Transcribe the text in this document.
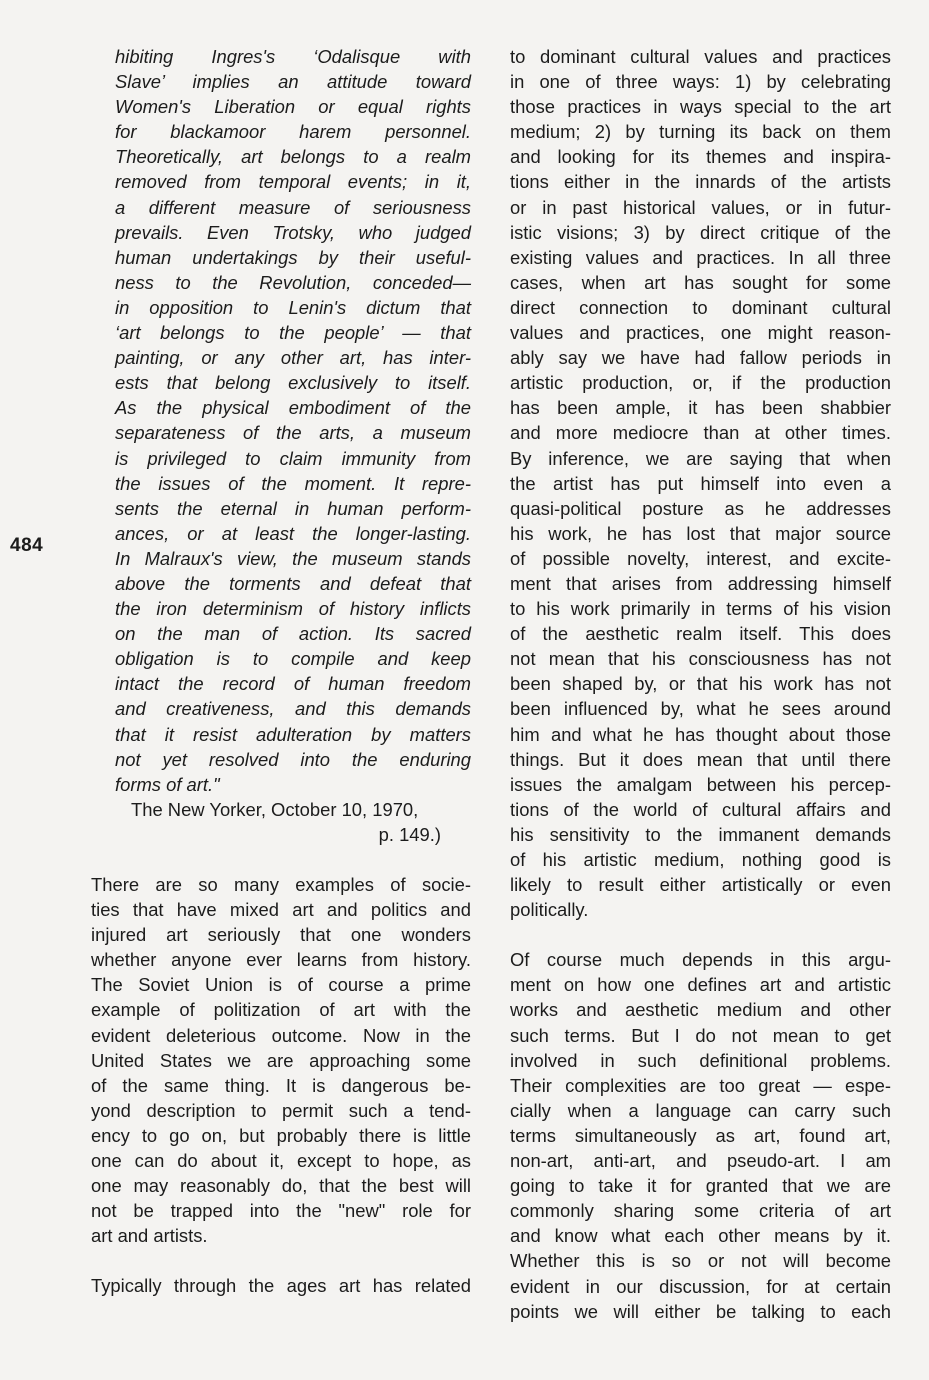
484
hibiting Ingres's ‘Odalisque with
Slave’ implies an attitude toward
Women's Liberation or equal rights
for blackamoor harem personnel.
Theoretically, art belongs to a realm
removed from temporal events; in it,
a different measure of seriousness
prevails. Even Trotsky, who judged
human undertakings by their useful-
ness to the Revolution, conceded—
in opposition to Lenin's dictum that
‘art belongs to the people’ — that
painting, or any other art, has inter-
ests that belong exclusively to itself.
As the physical embodiment of the
separateness of the arts, a museum
is privileged to claim immunity from
the issues of the moment. It repre-
sents the eternal in human perform-
ances, or at least the longer-lasting.
In Malraux's view, the museum stands
above the torments and defeat that
the iron determinism of history inflicts
on the man of action. Its sacred
obligation is to compile and keep
intact the record of human freedom
and creativeness, and this demands
that it resist adulteration by matters
not yet resolved into the enduring
forms of art."
The New Yorker, October 10, 1970,
p. 149.)
There are so many examples of socie-
ties that have mixed art and politics and
injured art seriously that one wonders
whether anyone ever learns from history.
The Soviet Union is of course a prime
example of politization of art with the
evident deleterious outcome. Now in the
United States we are approaching some
of the same thing. It is dangerous be-
yond description to permit such a tend-
ency to go on, but probably there is little
one can do about it, except to hope, as
one may reasonably do, that the best will
not be trapped into the "new" role for
art and artists.
Typically through the ages art has related
to dominant cultural values and practices
in one of three ways: 1) by celebrating
those practices in ways special to the art
medium; 2) by turning its back on them
and looking for its themes and inspira-
tions either in the innards of the artists
or in past historical values, or in futur-
istic visions; 3) by direct critique of the
existing values and practices. In all three
cases, when art has sought for some
direct connection to dominant cultural
values and practices, one might reason-
ably say we have had fallow periods in
artistic production, or, if the production
has been ample, it has been shabbier
and more mediocre than at other times.
By inference, we are saying that when
the artist has put himself into even a
quasi-political posture as he addresses
his work, he has lost that major source
of possible novelty, interest, and excite-
ment that arises from addressing himself
to his work primarily in terms of his vision
of the aesthetic realm itself. This does
not mean that his consciousness has not
been shaped by, or that his work has not
been influenced by, what he sees around
him and what he has thought about those
things. But it does mean that until there
issues the amalgam between his percep-
tions of the world of cultural affairs and
his sensitivity to the immanent demands
of his artistic medium, nothing good is
likely to result either artistically or even
politically.
Of course much depends in this argu-
ment on how one defines art and artistic
works and aesthetic medium and other
such terms. But I do not mean to get
involved in such definitional problems.
Their complexities are too great — espe-
cially when a language can carry such
terms simultaneously as art, found art,
non-art, anti-art, and pseudo-art. I am
going to take it for granted that we are
commonly sharing some criteria of art
and know what each other means by it.
Whether this is so or not will become
evident in our discussion, for at certain
points we will either be talking to each
